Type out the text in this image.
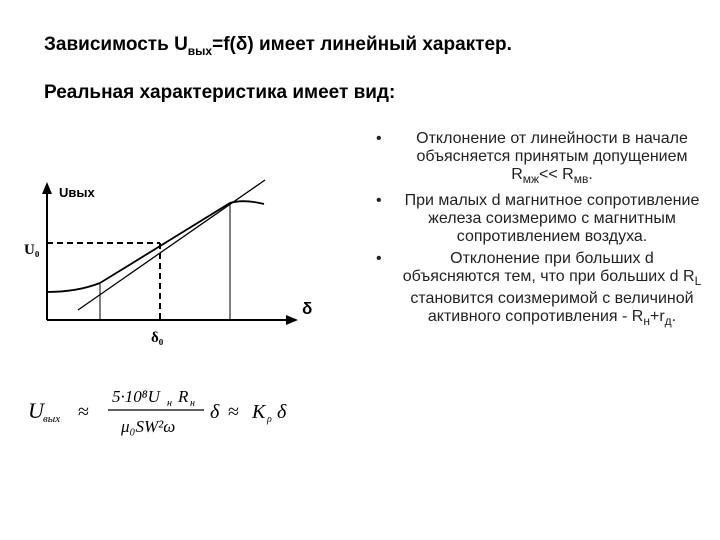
Зависимость $U_{вых}=f(\delta)$ имеет линейный характер.
Реальная характеристика имеет вид:
Uвых
U₀
δ
δ₀
U вых ≈
5·10⁸U н R н
μ₀SW²ω
δ ≈ K ρ δ
• Отклонение от линейности в начале объясняется принятым допущением $R_{мж}<< R_{мв}$.
• При малых d магнитное сопротивление железа соизмеримо с магнитным сопротивлением воздуха.
• Отклонение при больших d объясняются тем, что при больших d $R_L$ становится соизмеримой с величиной активного сопротивления - $R_н+r_д$.
